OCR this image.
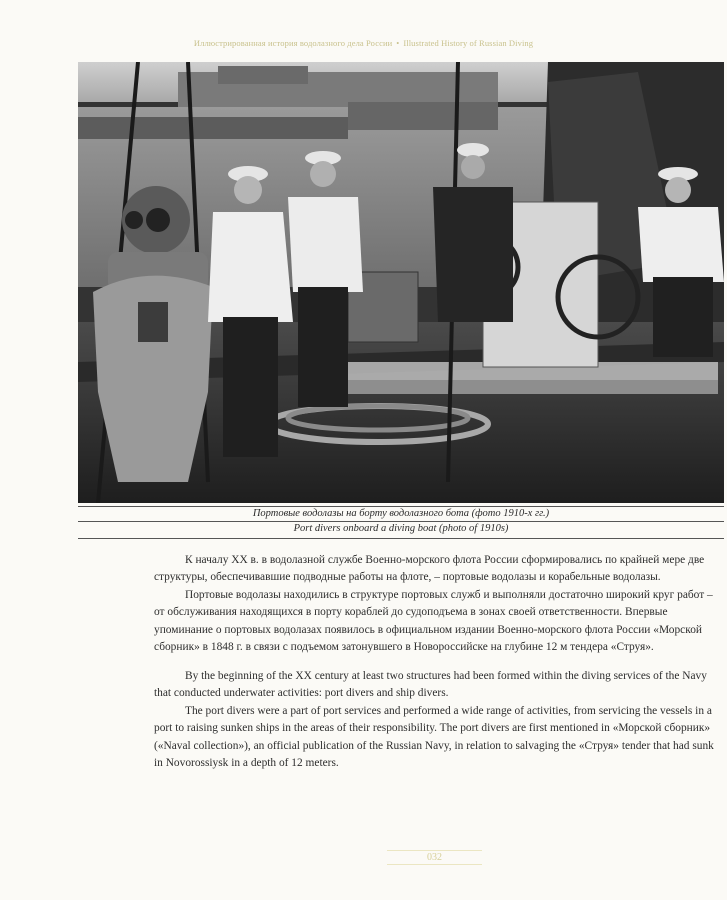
Иллюстрированная история водолазного дела России • Illustrated History of Russian Diving
Портовые водолазы на борту водолазного бота (фото 1910-х гг.)
Port divers onboard a diving boat (photo of 1910s)

К началу XX в. в водолазной службе Военно-морского флота России сформировались по крайней мере две структуры, обеспечивавшие подводные работы на флоте, – портовые водолазы и корабельные водолазы.

Портовые водолазы находились в структуре портовых служб и выполняли достаточно широкий круг работ – от обслуживания находящихся в порту кораблей до судоподъема в зонах своей ответственности. Впервые упоминание о портовых водолазах появилось в официальном издании Военно-морского флота России «Морской сборник» в 1848 г. в связи с подъемом затонувшего в Новороссийске на глубине 12 м тендера «Струя».

By the beginning of the XX century at least two structures had been formed within the diving services of the Navy that conducted underwater activities: port divers and ship divers.

The port divers were a part of port services and performed a wide range of activities, from servicing the vessels in a port to raising sunken ships in the areas of their responsibility. The port divers are first mentioned in «Морской сборник» («Naval collection»), an official publication of the Russian Navy, in relation to salvaging the «Струя» tender that had sunk in Novorossiysk in a depth of 12 meters.

032
